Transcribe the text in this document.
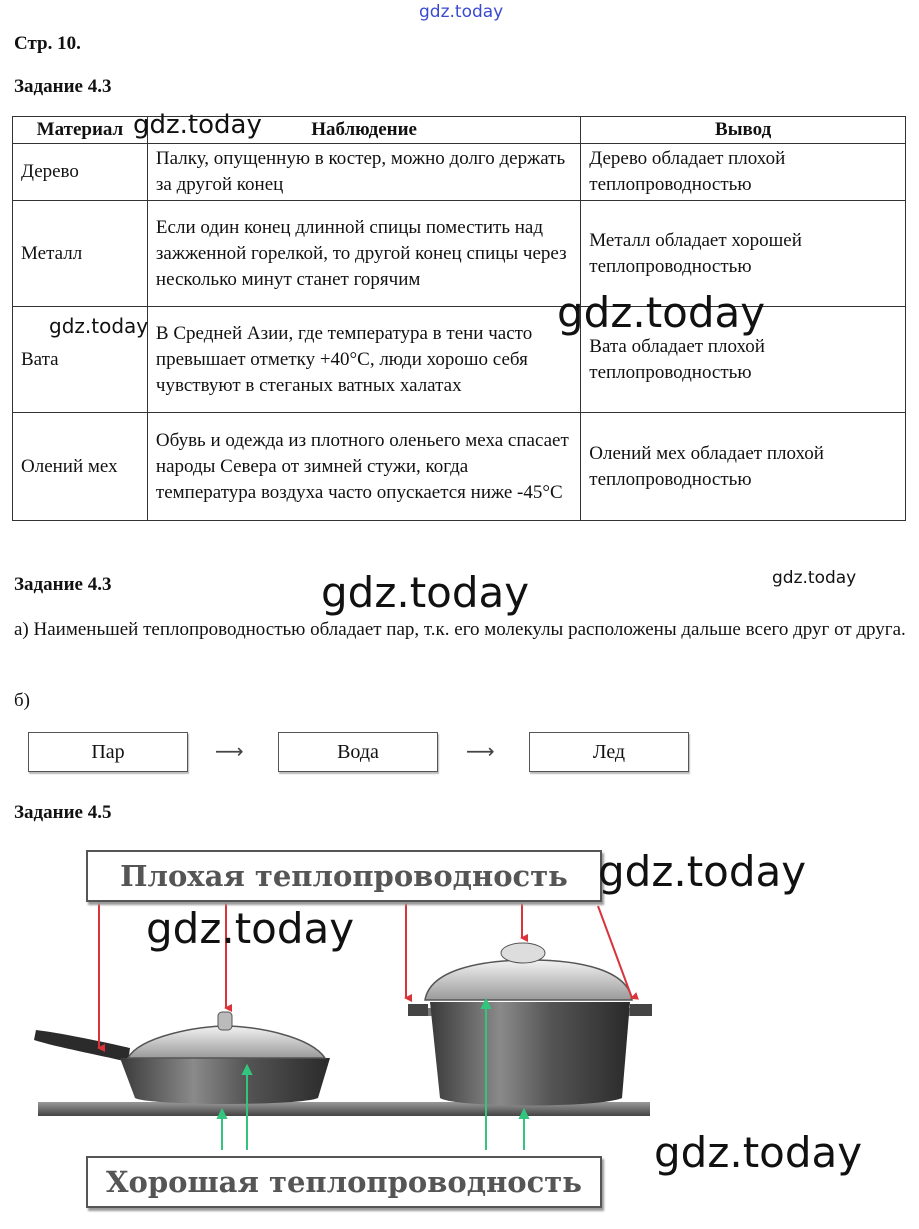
gdz.today
Стр. 10.
Задание 4.3
Материал	Наблюдение	Вывод
Дерево	Палку, опущенную в костер, можно долго держать за другой конец	Дерево обладает плохой теплопроводностью
Металл	Если один конец длинной спицы поместить над зажженной горелкой, то другой конец спицы через несколько минут станет горячим	Металл обладает хорошей теплопроводностью
Вата	В Средней Азии, где температура в тени часто превышает отметку +40°С, люди хорошо себя чувствуют в стеганых ватных халатах	Вата обладает плохой теплопроводностью
Олений мех	Обувь и одежда из плотного оленьего меха спасает народы Севера от зимней стужи, когда температура воздуха часто опускается ниже -45°С	Олений мех обладает плохой теплопроводностью
gdz.today
gdz.today	gdz.today
Задание 4.3	gdz.today	gdz.today
а) Наименьшей теплопроводностью обладает пар, т.к. его молекулы расположены дальше всего друг от друга.
б)
Пар	⟶	Вода	⟶	Лед
Задание 4.5
Плохая теплопроводность
Хорошая теплопроводность
gdz.today
gdz.today
gdz.today
